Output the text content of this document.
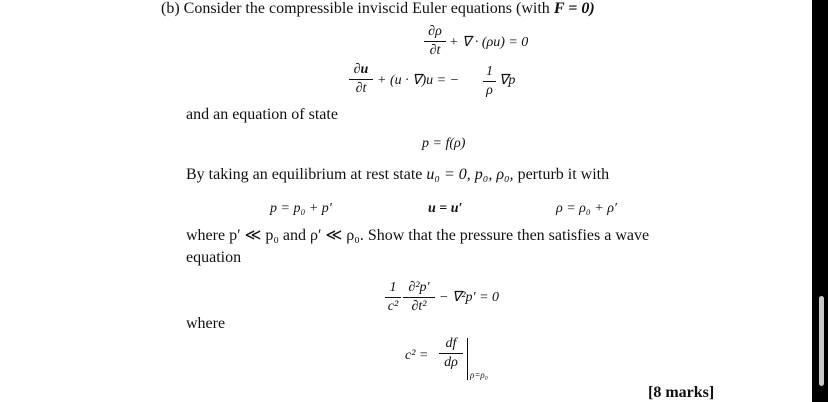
(b) Consider the compressible inviscid Euler equations (with F = 0)
∂ρ
∂t
+ ∇ · (ρu) = 0
∂u
∂t
+ (u · ∇)u = −
1
ρ
∇p
and an equation of state
p = f(ρ)
By taking an equilibrium at rest state u₀ = 0, p₀, ρ₀, perturb it with
p = p₀ + p′	u = u′	ρ = ρ₀ + ρ′
where p′ ≪ p₀ and ρ′ ≪ ρ₀. Show that the pressure then satisfies a wave
equation
1
c²
∂²p′
∂t²
− ∇²p′ = 0
where
c² =
df
dρ
ρ=ρ₀
[8 marks]
